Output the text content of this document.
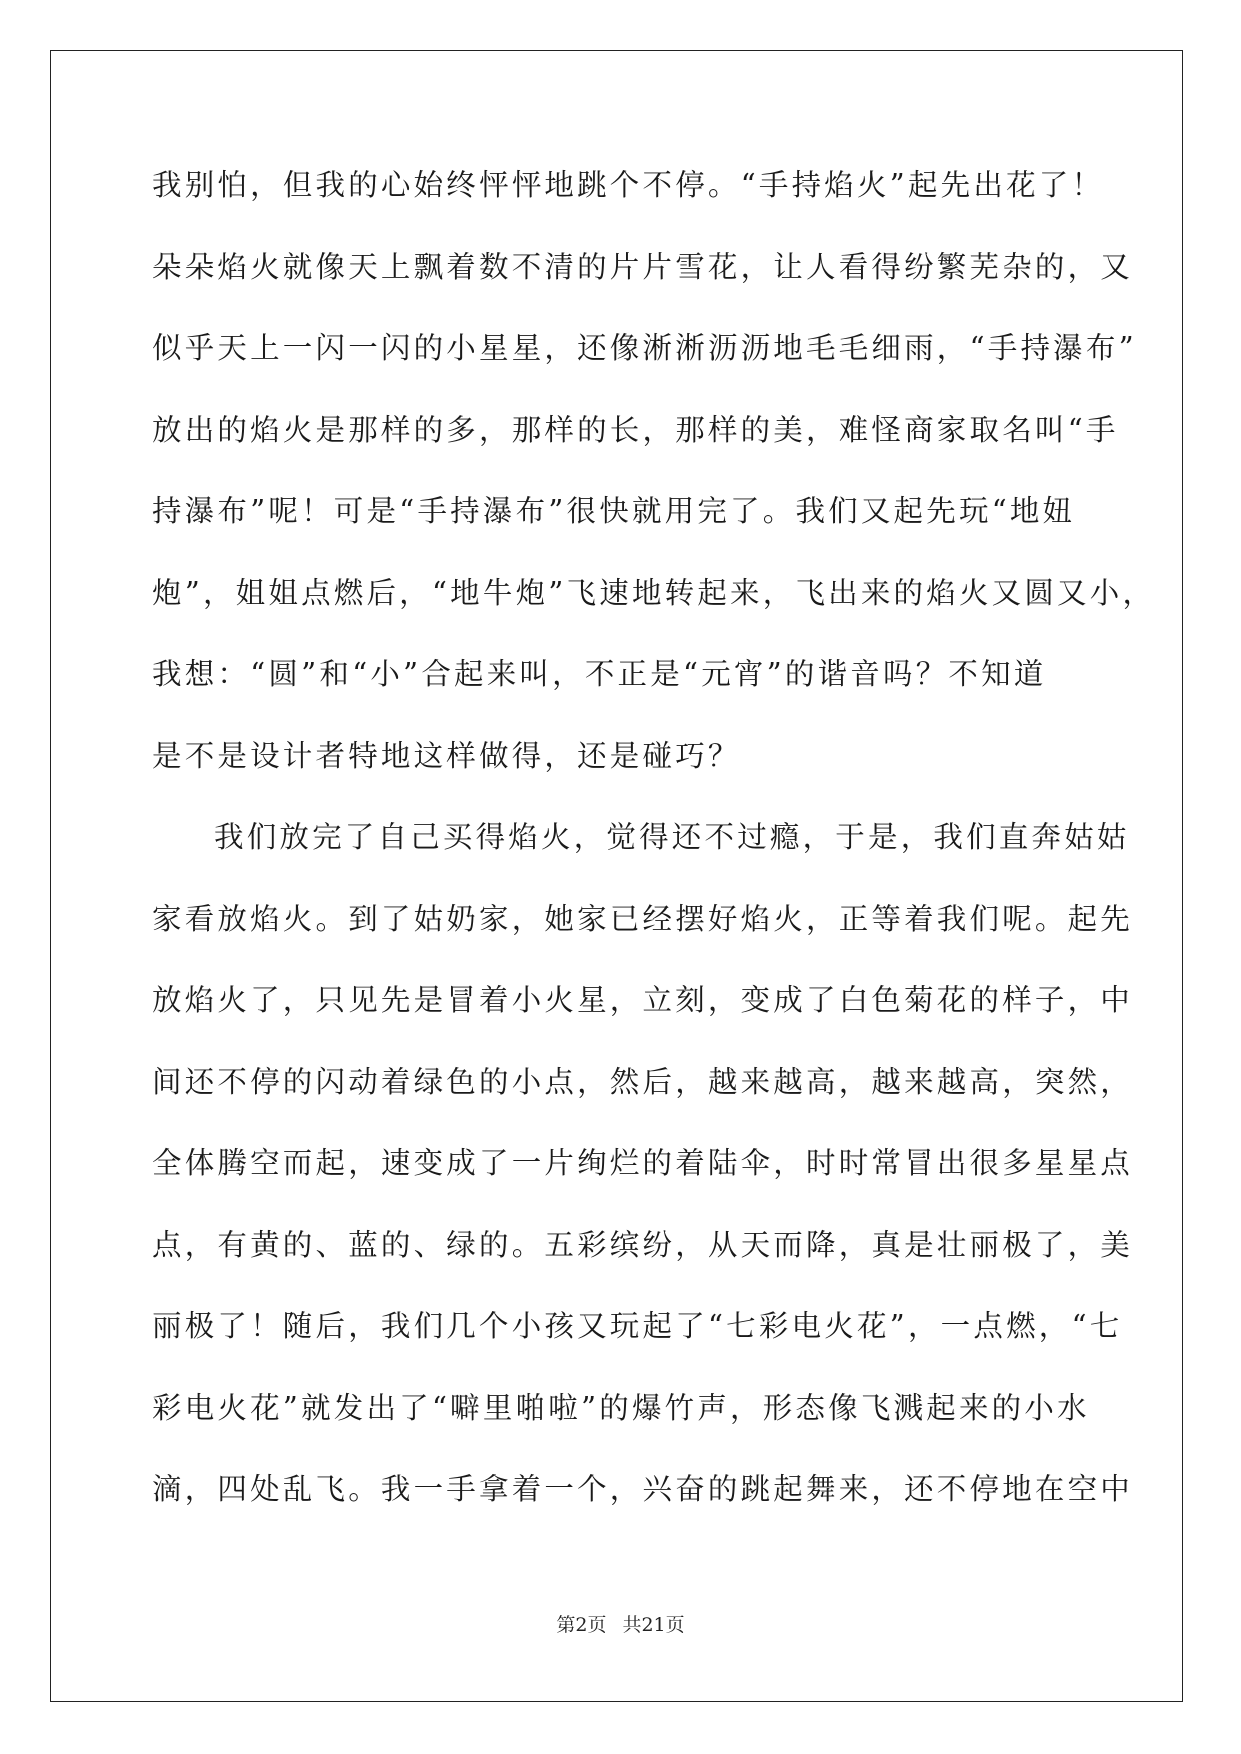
我别怕，但我的心始终怦怦地跳个不停。“手持焰火”起先出花了！
朵朵焰火就像天上飘着数不清的片片雪花，让人看得纷繁芜杂的，又
似乎天上一闪一闪的小星星，还像淅淅沥沥地毛毛细雨，“手持瀑布”
放出的焰火是那样的多，那样的长，那样的美，难怪商家取名叫“手
持瀑布”呢！可是“手持瀑布”很快就用完了。我们又起先玩“地妞
炮”，姐姐点燃后，“地牛炮”飞速地转起来，飞出来的焰火又圆又小，
我想：“圆”和“小”合起来叫，不正是“元宵”的谐音吗？不知道
是不是设计者特地这样做得，还是碰巧？
我们放完了自己买得焰火，觉得还不过瘾，于是，我们直奔姑姑
家看放焰火。到了姑奶家，她家已经摆好焰火，正等着我们呢。起先
放焰火了，只见先是冒着小火星，立刻，变成了白色菊花的样子，中
间还不停的闪动着绿色的小点，然后，越来越高，越来越高，突然，
全体腾空而起，速变成了一片绚烂的着陆伞，时时常冒出很多星星点
点，有黄的、蓝的、绿的。五彩缤纷，从天而降，真是壮丽极了，美
丽极了！随后，我们几个小孩又玩起了“七彩电火花”，一点燃，“七
彩电火花”就发出了“噼里啪啦”的爆竹声，形态像飞溅起来的小水
滴，四处乱飞。我一手拿着一个，兴奋的跳起舞来，还不停地在空中
第2页 共21页
